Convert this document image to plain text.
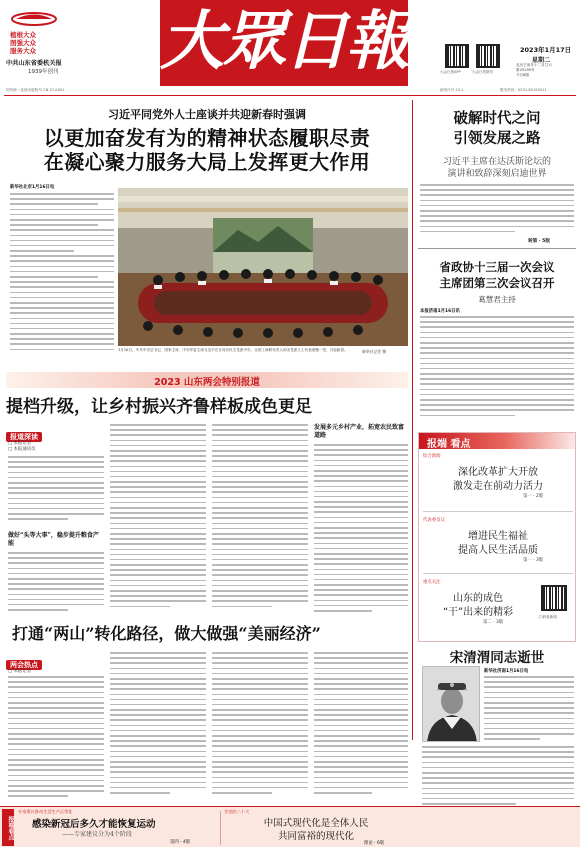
植根大众
图强大众
服务大众
中共山东省委机关报
1939年创刊 大眾日報	大众日报APP	大众日报微信
2023年1月17日
星期二
农历壬寅年十二月廿六
第25195号
今日8版
国内统一连续出版物号 CN 37-0001	邮发代号 23-1	服务热线：0531-85193511
习近平同党外人士座谈并共迎新春时强调
以更加奋发有为的精神状态履职尽责
在凝心聚力服务大局上发挥更大作用
新华社北京1月16日电
1月16日，中共中央总书记、国家主席、中央军委主席习近平在京同各民主党派中央、全国工商联负责人和无党派人士代表欢聚一堂，共迎新春。	新华社记者 摄
破解时代之问
引领发展之路
习近平主席在达沃斯论坛的
演讲和致辞深刻启迪世界
转第 · 5版
省政协十三届一次会议
主席团第三次会议召开
葛慧君主持
本报济南1月16日讯
报端 看点
综合新闻
深化改革扩大开放
激发走在前动力活力
第一 · 2版
代表委员议
增进民生福祉
提高人民生活品质
第一 · 3版
重点关注
山东的成色
“干”出来的精彩
第二 · 3版
扫码看新闻
宋清渭同志逝世
新华社济南1月16日电
2023 山东两会特别报道
提档升级，让乡村振兴齐鲁样板成色更足
报道深读
□ 本报记者
□ 本报通讯员
做好“头等大事”，稳步提升粮食产能
发展多元乡村产业，拓宽农民致富道路
打通“两山”转化路径，做大做强“美丽经济”
两会热点
□ 本报记者
报端看点
专家建议推动生活生产正常化
感染新冠后多久才能恢复运动
——专家建议分为4个阶段
第四 · 4版
学党的二十大
中国式现代化是全体人民
共同富裕的现代化
理论 · 6版
